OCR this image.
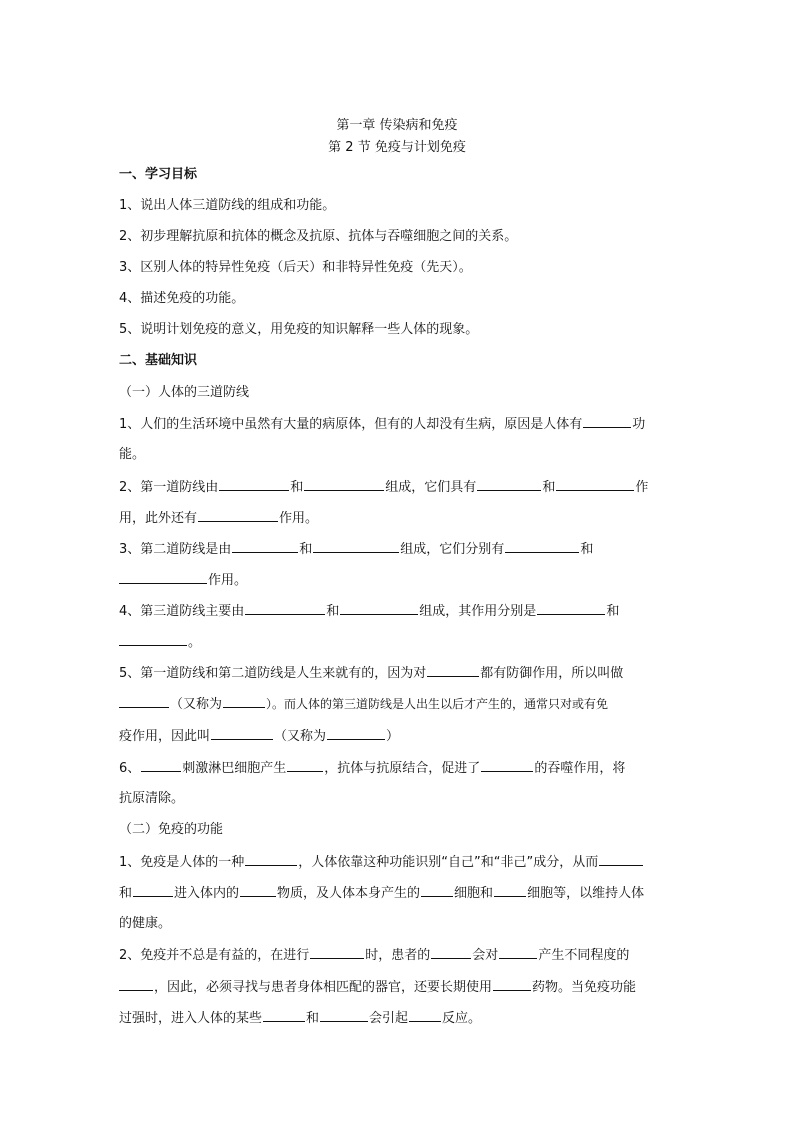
第一章 传染病和免疫
第 2 节 免疫与计划免疫
一、学习目标
1、说出人体三道防线的组成和功能。
2、初步理解抗原和抗体的概念及抗原、抗体与吞噬细胞之间的关系。
3、区别人体的特异性免疫（后天）和非特异性免疫（先天）。
4、描述免疫的功能。
5、说明计划免疫的意义，用免疫的知识解释一些人体的现象。
二、基础知识
（一）人体的三道防线
1、人们的生活环境中虽然有大量的病原体，但有的人却没有生病，原因是人体有	功
能。
2、第一道防线由	和	组成，它们具有	和	作
用，此外还有	作用。
3、第二道防线是由	和	组成，它们分别有	和
作用。
4、第三道防线主要由	和	组成，其作用分别是	和
。
5、第一道防线和第二道防线是人生来就有的，因为对	都有防御作用，所以叫做
（又称为	）。而人体的第三道防线是人出生以后才产生的，通常只对或有免
疫作用，因此叫	（又称为	）
6、	刺激淋巴细胞产生	，抗体与抗原结合，促进了	的吞噬作用，将
抗原清除。
（二）免疫的功能
1、免疫是人体的一种	，人体依靠这种功能识别“自己”和“非己”成分，从而
和	进入体内的	物质，及人体本身产生的	细胞和	细胞等，以维持人体
的健康。
2、免疫并不总是有益的，在进行	时，患者的	会对	产生不同程度的
，因此，必须寻找与患者身体相匹配的器官，还要长期使用	药物。当免疫功能
过强时，进入人体的某些	和	会引起	反应。
